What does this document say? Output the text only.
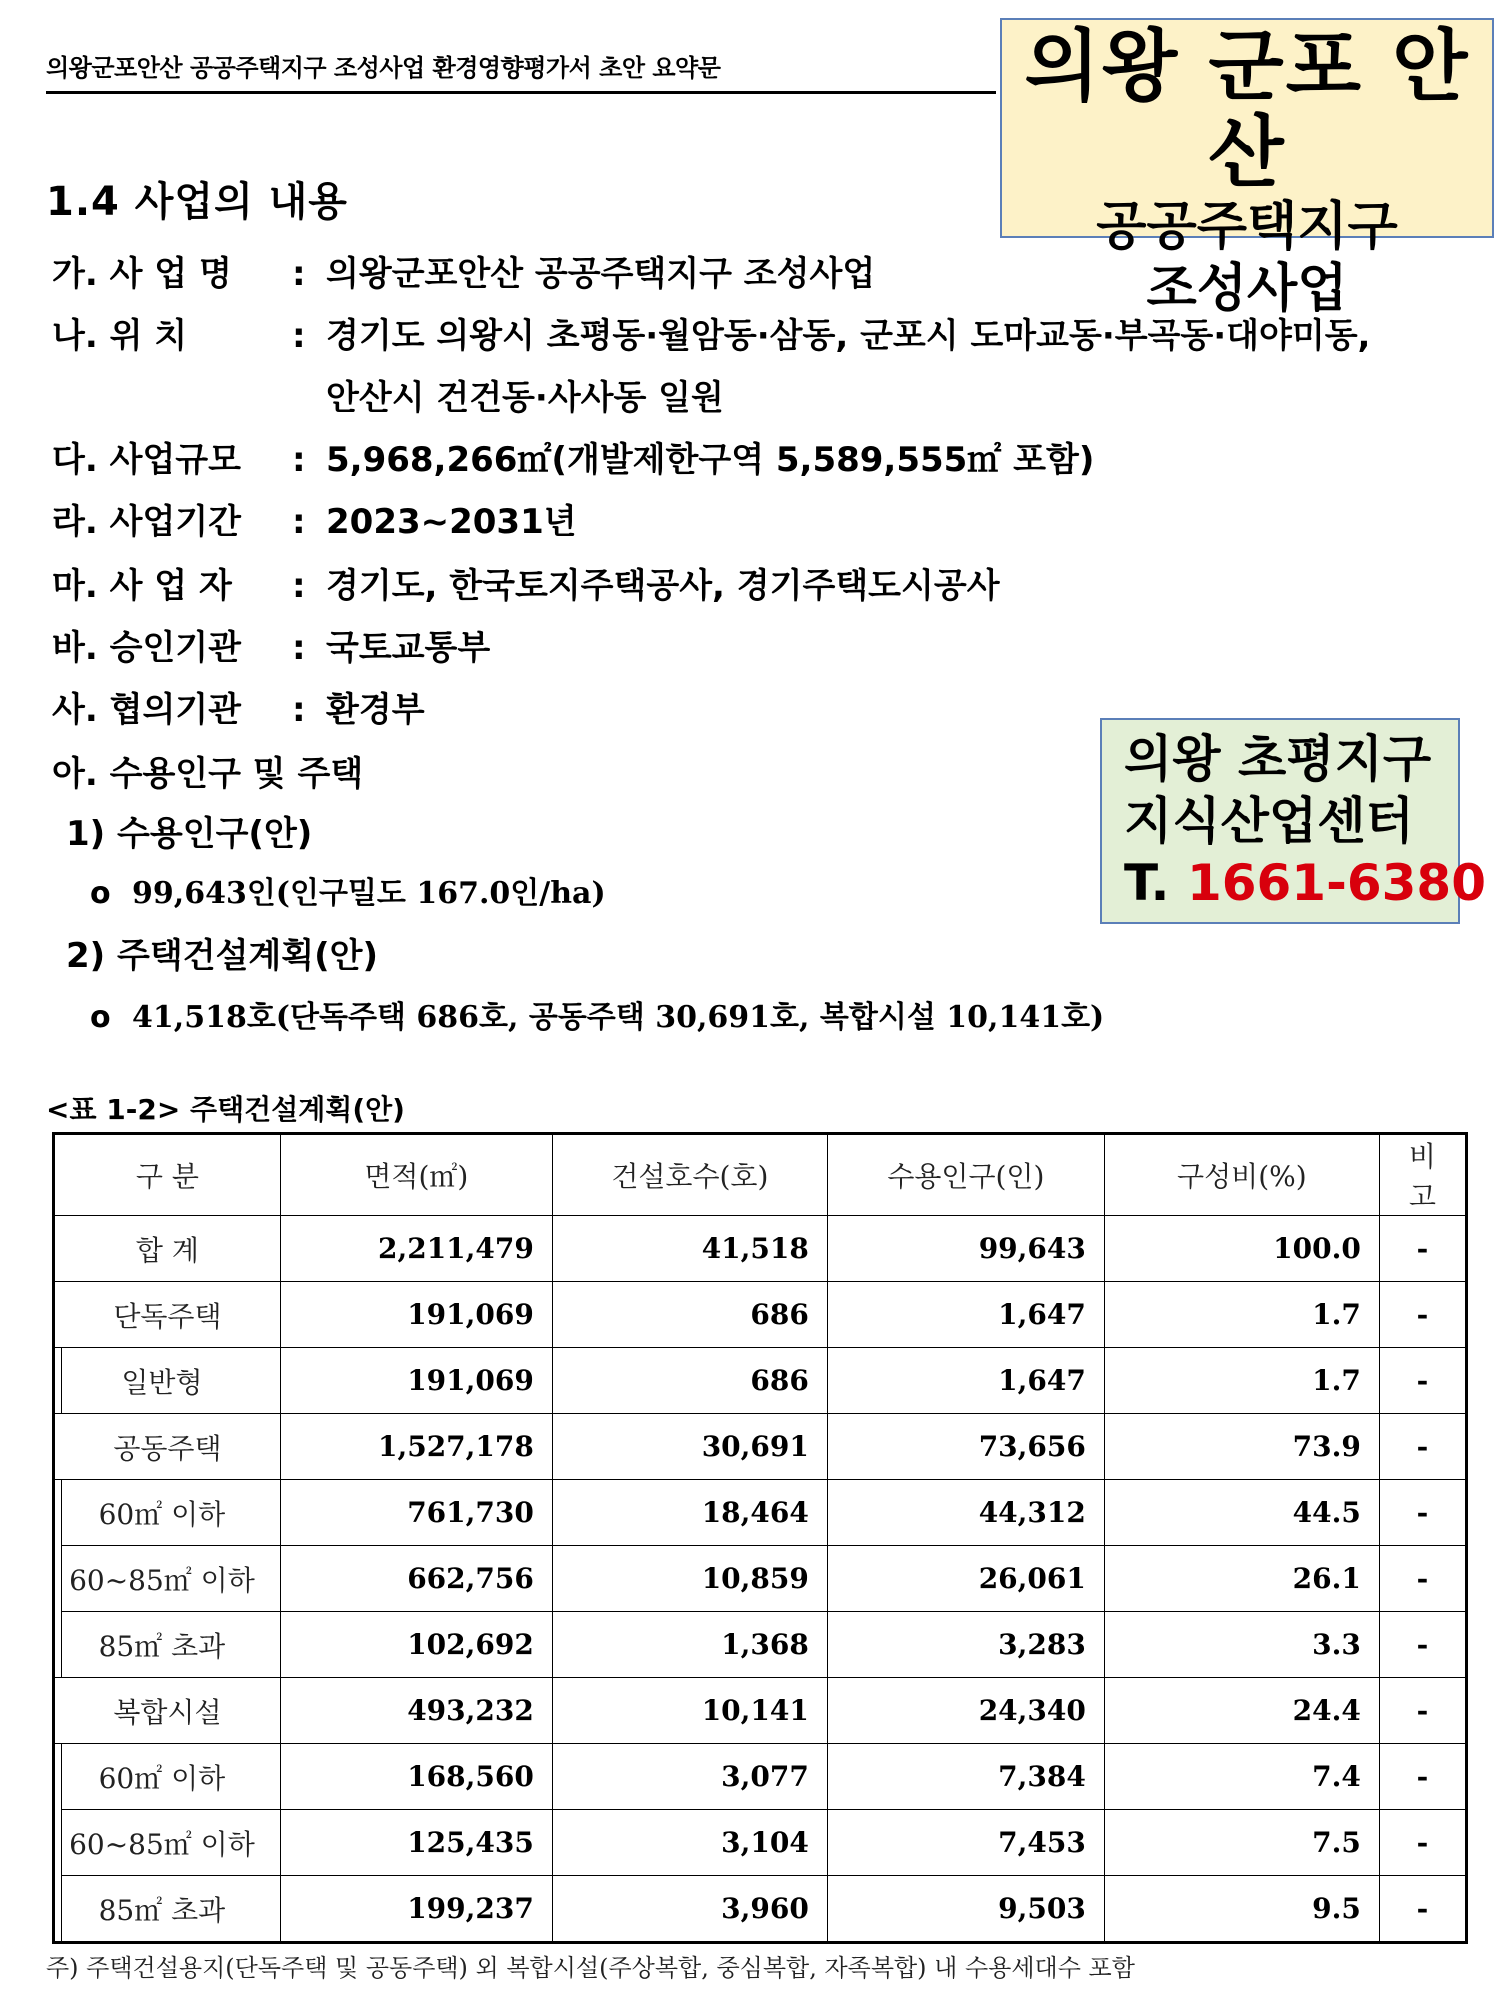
의왕군포안산 공공주택지구 조성사업 환경영향평가서 초안 요약문	의왕 군포 안산
공공주택지구
조성사업
1.4 사업의 내용
가. 사 업 명 : 의왕군포안산 공공주택지구 조성사업
나. 위 치	: 경기도 의왕시 초평동·월암동·삼동, 군포시 도마교동·부곡동·대야미동,
안산시 건건동·사사동 일원
다. 사업규모 : 5,968,266㎡(개발제한구역 5,589,555㎡ 포함)
라. 사업기간 : 2023~2031년
마. 사 업 자 : 경기도, 한국토지주택공사, 경기주택도시공사
바. 승인기관 : 국토교통부
사. 협의기관 : 환경부
아. 수용인구 및 주택
1) 수용인구(안)
o 99,643인(인구밀도 167.0인/ha)
2) 주택건설계획(안)
o 41,518호(단독주택 686호, 공동주택 30,691호, 복합시설 10,141호)
의왕 초평지구
지식산업센터
T. 1661-6380
<표 1-2> 주택건설계획(안)
구 분		면적(㎡)	건설호수(호)	수용인구(인)	구성비(%)	비 고
합 계		2,211,479	41,518	99,643	100.0	-
단독주택		191,069	686	1,647	1.7	-
	일반형	191,069	686	1,647	1.7	-
공동주택		1,527,178	30,691	73,656	73.9	-
	60㎡ 이하	761,730	18,464	44,312	44.5	-
	60~85㎡ 이하	662,756	10,859	26,061	26.1	-
	85㎡ 초과	102,692	1,368	3,283	3.3	-
복합시설		493,232	10,141	24,340	24.4	-
	60㎡ 이하	168,560	3,077	7,384	7.4	-
	60~85㎡ 이하	125,435	3,104	7,453	7.5	-
	85㎡ 초과	199,237	3,960	9,503	9.5	-
주) 주택건설용지(단독주택 및 공동주택) 외 복합시설(주상복합, 중심복합, 자족복합) 내 수용세대수 포함
